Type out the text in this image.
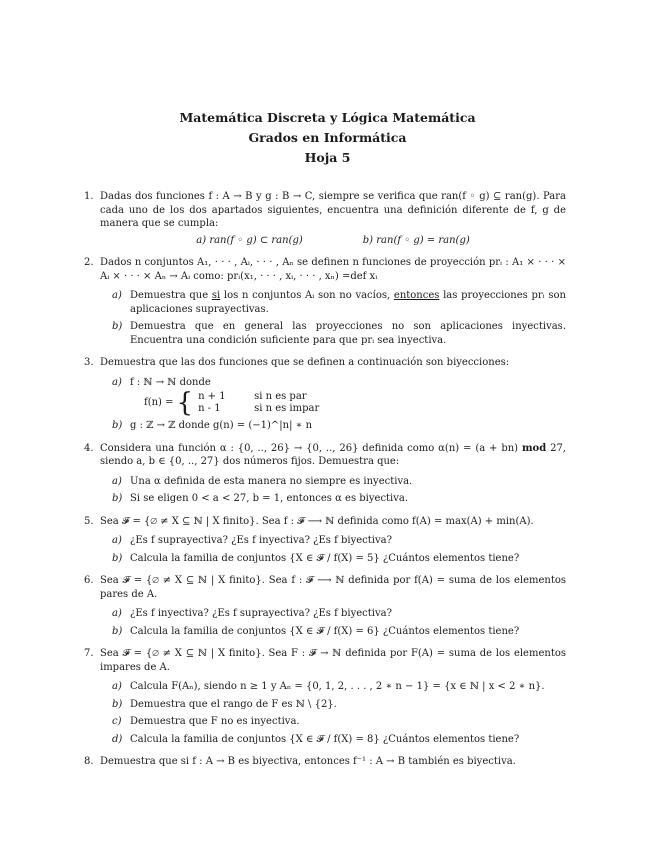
Matemática Discreta y Lógica Matemática
Grados en Informática
Hoja 5
1. Dadas dos funciones f : A → B y g : B → C, siempre se verifica que ran(f ◦ g) ⊆ ran(g). Para cada uno de los dos apartados siguientes, encuentra una definición diferente de f, g de manera que se cumpla:
a) ran(f ◦ g) ⊂ ran(g)	b) ran(f ◦ g) = ran(g)
2. Dados n conjuntos A₁, · · · , Aᵢ, · · · , Aₙ se definen n funciones de proyección prᵢ : A₁ × · · · × Aᵢ × · · · × Aₙ → Aᵢ como: prᵢ(x₁, · · · , xᵢ, · · · , xₙ) =def xᵢ
a) Demuestra que si los n conjuntos Aᵢ son no vacíos, entonces las proyecciones prᵢ son aplicaciones suprayectivas.
b) Demuestra que en general las proyecciones no son aplicaciones inyectivas. Encuentra una condición suficiente para que prᵢ sea inyectiva.
3. Demuestra que las dos funciones que se definen a continuación son biyecciones:
a) f : ℕ → ℕ donde
f(n) = { n + 1	si n es par
n - 1	si n es impar
b) g : ℤ → ℤ donde g(n) = (−1)^|n| ∗ n
4. Considera una función α : {0, .., 26} → {0, .., 26} definida como α(n) = (a + bn) mod 27, siendo a, b ∈ {0, .., 27} dos números fijos. Demuestra que:
a) Una α definida de esta manera no siempre es inyectiva.
b) Si se eligen 0 < a < 27, b = 1, entonces α es biyectiva.
5. Sea 𝓕 = {∅ ≠ X ⊆ ℕ | X finito}. Sea f : 𝓕 ⟶ ℕ definida como f(A) = max(A) + min(A).
a) ¿Es f suprayectiva? ¿Es f inyectiva? ¿Es f biyectiva?
b) Calcula la familia de conjuntos {X ∈ 𝓕 / f(X) = 5} ¿Cuántos elementos tiene?
6. Sea 𝓕 = {∅ ≠ X ⊆ ℕ | X finito}. Sea f : 𝓕 ⟶ ℕ definida por f(A) = suma de los elementos pares de A.
a) ¿Es f inyectiva? ¿Es f suprayectiva? ¿Es f biyectiva?
b) Calcula la familia de conjuntos {X ∈ 𝓕 / f(X) = 6} ¿Cuántos elementos tiene?
7. Sea 𝓕 = {∅ ≠ X ⊆ ℕ | X finito}. Sea F : 𝓕 → ℕ definida por F(A) = suma de los elementos impares de A.
a) Calcula F(Aₙ), siendo n ≥ 1 y Aₙ = {0, 1, 2, . . . , 2 ∗ n − 1} = {x ∈ ℕ | x < 2 ∗ n}.
b) Demuestra que el rango de F es ℕ \ {2}.
c) Demuestra que F no es inyectiva.
d) Calcula la familia de conjuntos {X ∈ 𝓕 / f(X) = 8} ¿Cuántos elementos tiene?
8. Demuestra que si f : A → B es biyectiva, entonces f⁻¹ : A → B también es biyectiva.
